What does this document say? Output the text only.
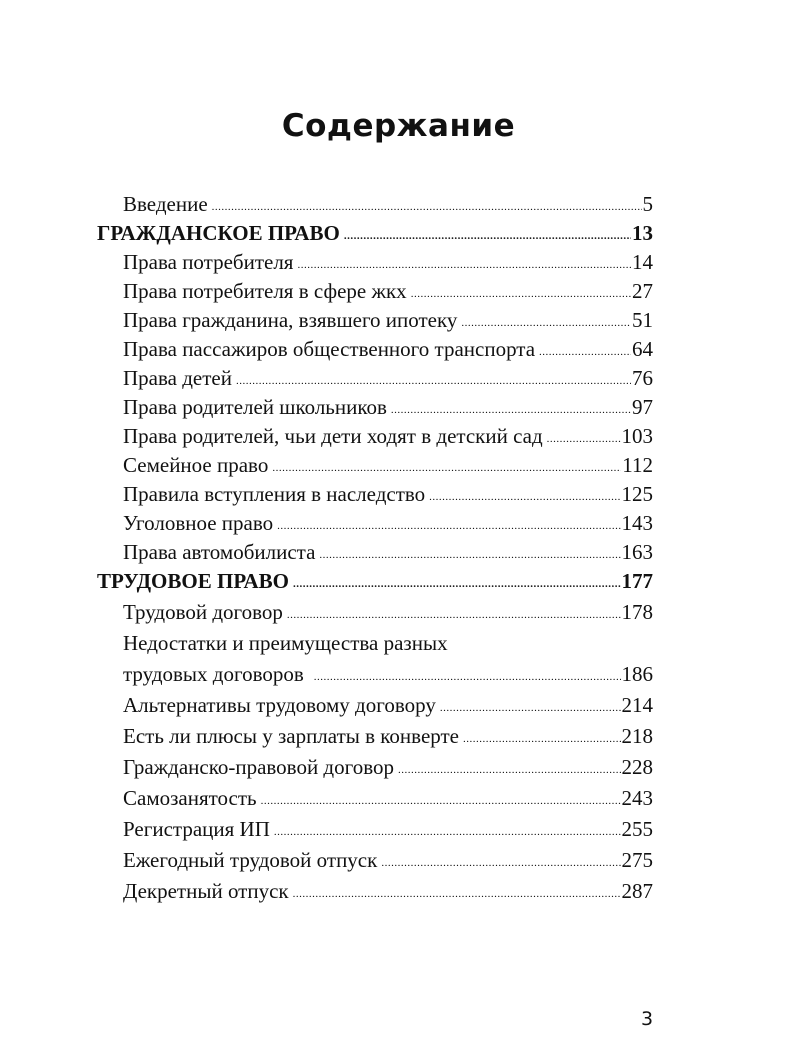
Содержание
Введение .....	5
ГРАЖДАНСКОЕ ПРАВО .....	13
Права потребителя .....	14
Права потребителя в сфере жкх .....	27
Права гражданина, взявшего ипотеку .....	51
Права пассажиров общественного транспорта .....	64
Права детей .....	76
Права родителей школьников .....	97
Права родителей, чьи дети ходят в детский сад .....	103
Семейное право .....	112
Правила вступления в наследство .....	125
Уголовное право .....	143
Права автомобилиста .....	163
ТРУДОВОЕ ПРАВО .....	177
Трудовой договор .....	178
Недостатки и преимущества разных
трудовых договоров .....	186
Альтернативы трудовому договору .....	214
Есть ли плюсы у зарплаты в конверте .....	218
Гражданско-правовой договор .....	228
Самозанятость .....	243
Регистрация ИП .....	255
Ежегодный трудовой отпуск .....	275
Декретный отпуск .....	287
3
